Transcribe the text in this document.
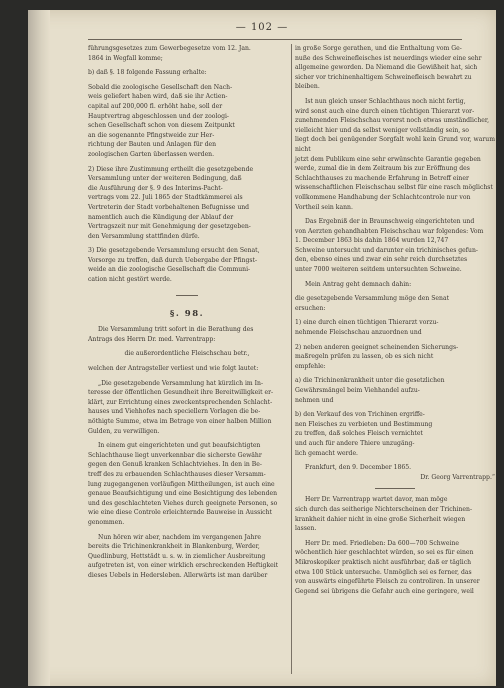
— 102 —

führungsgesetzes zum Gewerbegesetze vom 12. Jan.

1864 in Wegfall komme;

b) daß §. 18 folgende Fassung erhalte:

Sobald die zoologische Gesellschaft den Nach-

weis geliefert haben wird, daß sie ihr Actien-

capital auf 200,000 fl. erhöht habe, soll der

Hauptvertrag abgeschlossen und der zoologi-

schen Gesellschaft schon von diesem Zeitpunkt

an die sogenannte Pfingstweide zur Her-

richtung der Bauten und Anlagen für den

zoologischen Garten überlassen werden.

2) Diese ihre Zustimmung ertheilt die gesetzgebende

Versammlung unter der weiteren Bedingung, daß

die Ausführung der §. 9 des Interims-Pacht-

vertrags vom 22. Juli 1865 der Stadtkämmerei als

Vertreterin der Stadt vorbehaltenen Befugnisse und

namentlich auch die Kündigung der Ablauf der

Vertragszeit nur mit Genehmigung der gesetzgeben-

den Versammlung stattfinden dürfe.

3) Die gesetzgebende Versammlung ersucht den Senat,

Vorsorge zu treffen, daß durch Uebergabe der Pfingst-

weide an die zoologische Gesellschaft die Communi-

cation nicht gestört werde.

§. 98.

Die Versammlung tritt sofort in die Berathung des

Antrags des Herrn Dr. med. Varrentrapp:

die außerordentliche Fleischschau betr.,

welchen der Antragsteller verliest und wie folgt lautet:

„Die gesetzgebende Versammlung hat kürzlich im In-

teresse der öffentlichen Gesundheit ihre Bereitwilligkeit er-

klärt, zur Errichtung eines zweckentsprechenden Schlacht-

hauses und Viehhofes nach speciellern Vorlagen die be-

nöthigte Summe, etwa im Betrage von einer halben Million

Gulden, zu verwilligen.

In einem gut eingerichteten und gut beaufsichtigten

Schlachthause liegt unverkennbar die sicherste Gewähr

gegen den Genuß kranken Schlachtviehes. In den in Be-

treff des zu erbauenden Schlachthauses dieser Versamm-

lung zugegangenen vorläufigen Mittheilungen, ist auch eine

genaue Beaufsichtigung und eine Besichtigung des lebenden

und des geschlachteten Viehes durch geeignete Personen, so

wie eine diese Controle erleichternde Bauweise in Aussicht

genommen.

Nun hören wir aber, nachdem im vergangenen Jahre

bereits die Trichinenkrankheit in Blankenburg, Werder,

Quedlinburg, Hettstädt u. s. w. in ziemlicher Ausbreitung

aufgetreten ist, von einer wirklich erschreckenden Heftigkeit

dieses Uebels in Hedersleben. Allerwärts ist man darüber

in große Sorge gerathen, und die Enthaltung vom Ge-

nuße des Schweinefleisches ist neuerdings wieder eine sehr

allgemeine geworden. Da Niemand die Gewißheit hat, sich

sicher vor trichinenhaltigem Schweinefleisch bewahrt zu

bleiben.

Ist nun gleich unser Schlachthaus noch nicht fertig,

wird sonst auch eine durch einen tüchtigen Thierarzt vor-

zunehmenden Fleischschau vorerst noch etwas umständlicher,

vielleicht hier und da selbst weniger vollständig sein, so

liegt doch bei genügender Sorgfalt wohl kein Grund vor, warum nicht

jetzt dem Publikum eine sehr erwünschte Garantie gegeben

werde, zumal die in dem Zeitraum bis zur Eröffnung des

Schlachthauses zu machende Erfahrung in Betreff einer

wissenschaftlichen Fleischschau selbst für eine rasch möglichst

vollkommene Handhabung der Schlachtcontrole nur von

Vortheil sein kann.

Das Ergebniß der in Braunschweig eingerichteten und

von Aerzten gehandhabten Fleischschau war folgendes: Vom

1. December 1863 bis dahin 1864 wurden 12,747

Schweine untersucht und darunter ein trichinisches gefun-

den, ebenso eines und zwar ein sehr reich durchsetztes

unter 7000 weiteren seitdem untersuchten Schweine.

Mein Antrag geht demnach dahin:

die gesetzgebende Versammlung möge den Senat

ersuchen:

1) eine durch einen tüchtigen Thierarzt vorzu-

nehmende Fleischschau anzuordnen und

2) neben anderen geeignet scheinenden Sicherungs-

maßregeln prüfen zu lassen, ob es sich nicht

empfehle:

a) die Trichinenkrankheit unter die gesetzlichen

Gewährsmängel beim Viehhandel aufzu-

nehmen und

b) den Verkauf des von Trichinen ergriffe-

nen Fleisches zu verbieten und Bestimmung

zu treffen, daß solches Fleisch vernichtet

und auch für andere Thiere unzugäng-

lich gemacht werde.

Frankfurt, den 9. December 1865.

Dr. Georg Varrentrapp.“

Herr Dr. Varrentrapp wartet davor, man möge

sich durch das seitherige Nichterscheinen der Trichinen-

krankheit dahier nicht in eine große Sicherheit wiegen

lassen.

Herr Dr. med. Friedleben: Da 600—700 Schweine

wöchentlich hier geschlachtet würden, so sei es für einen

Mikroskopiker praktisch nicht ausführbar, daß er täglich

etwa 100 Stück untersuche. Unmöglich sei es ferner, das

von auswärts eingeführte Fleisch zu controliren. In unserer

Gegend sei übrigens die Gefahr auch eine geringere, weil
